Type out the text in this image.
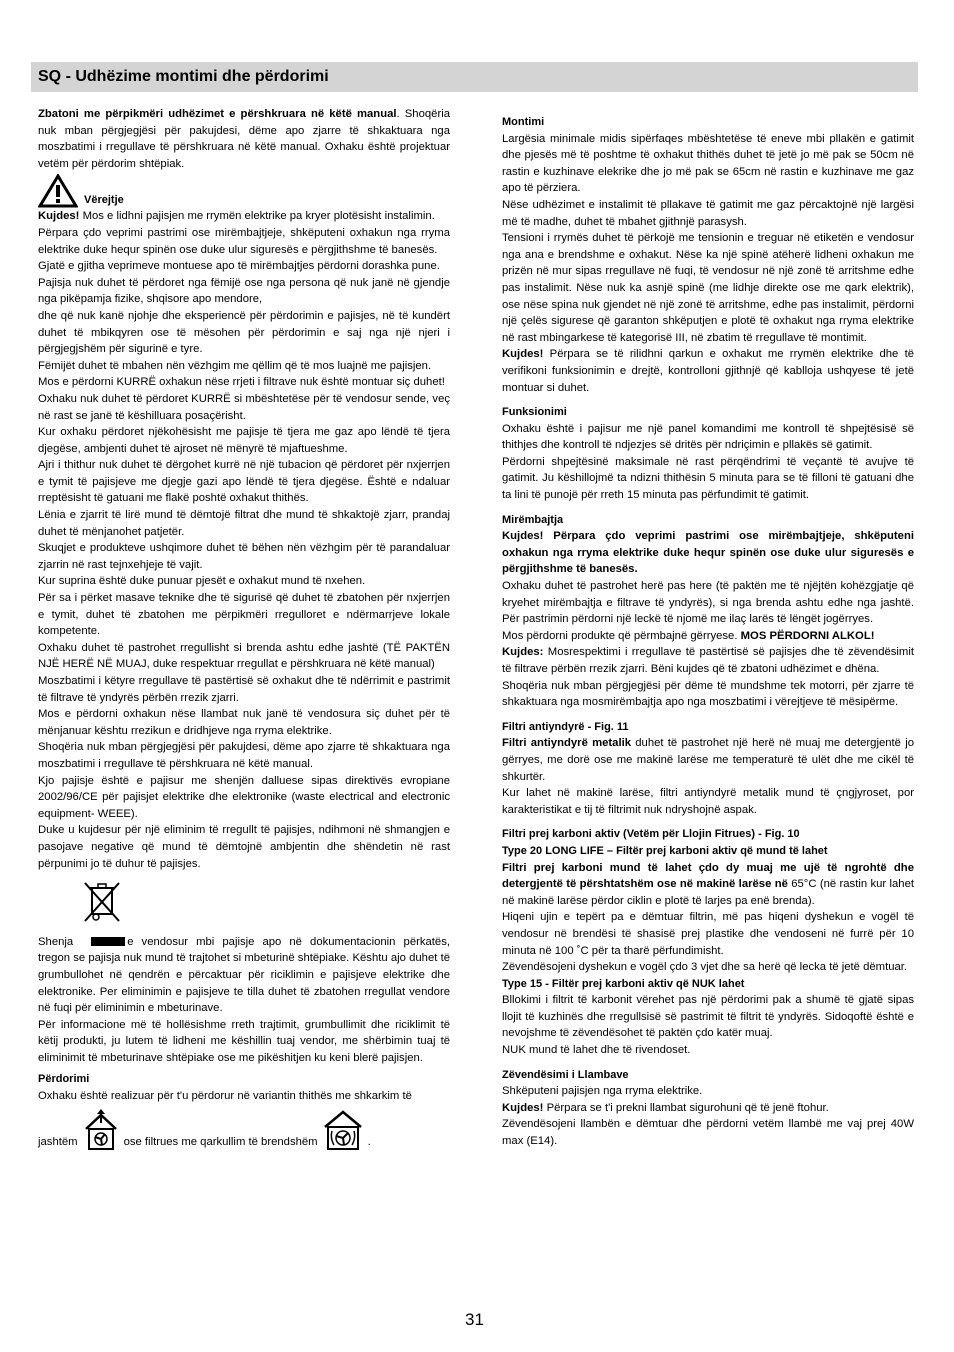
SQ - Udhëzime montimi dhe përdorimi

Zbatoni me përpikmëri udhëzimet e përshkruara në këtë manual. Shoqëria nuk mban përgjegjësi për pakujdesi, dëme apo zjarre të shkaktuara nga moszbatimi i rregullave të përshkruara në këtë manual. Oxhaku është projektuar vetëm për përdorim shtëpiak.

Vërejtje

Kujdes! Mos e lidhni pajisjen me rrymën elektrike pa kryer plotësisht instalimin.

Përpara çdo veprimi pastrimi ose mirëmbajtjeje, shkëputeni oxhakun nga rryma elektrike duke hequr spinën ose duke ulur siguresës e përgjithshme të banesës.

Gjatë e gjitha veprimeve montuese apo të mirëmbajtjes përdorni dorashka pune.

Pajisja nuk duhet të përdoret nga fëmijë ose nga persona që nuk janë në gjendje nga pikëpamja fizike, shqisore apo mendore,

dhe që nuk kanë njohje dhe eksperiencë për përdorimin e pajisjes, në të kundërt duhet të mbikqyren ose të mësohen për përdorimin e saj nga një njeri i përgjegjshëm për sigurinë e tyre.

Fëmijët duhet të mbahen nën vëzhgim me qëllim që të mos luajnë me pajisjen.

Mos e përdorni KURRË oxhakun nëse rrjeti i filtrave nuk është montuar siç duhet!

Oxhaku nuk duhet të përdoret KURRË si mbështetëse për të vendosur sende, veç në rast se janë të këshilluara posaçërisht.

Kur oxhaku përdoret njëkohësisht me pajisje të tjera me gaz apo lëndë të tjera djegëse, ambjenti duhet të ajroset në mënyrë të mjaftueshme.

Ajri i thithur nuk duhet të dërgohet kurrë në një tubacion që përdoret për nxjerrjen e tymit të pajisjeve me djegje gazi apo lëndë të tjera djegëse. Është e ndaluar rreptësisht të gatuani me flakë poshtë oxhakut thithës.

Lënia e zjarrit të lirë mund të dëmtojë filtrat dhe mund të shkaktojë zjarr, prandaj duhet të mënjanohet patjetër.

Skuqjet e produkteve ushqimore duhet të bëhen nën vëzhgim për të parandaluar zjarrin në rast tejnxehjeje të vajit.

Kur suprina është duke punuar pjesët e oxhakut mund të nxehen.

Për sa i përket masave teknike dhe të sigurisë që duhet të zbatohen për nxjerrjen e tymit, duhet të zbatohen me përpikmëri rregulloret e ndërmarrjeve lokale kompetente.

Oxhaku duhet të pastrohet rregullisht si brenda ashtu edhe jashtë (TË PAKTËN NJË HERË NË MUAJ, duke respektuar rregullat e përshkruara në këtë manual)

Moszbatimi i këtyre rregullave të pastërtisë së oxhakut dhe të ndërrimit e pastrimit të filtrave të yndyrës përbën rrezik zjarri.

Mos e përdorni oxhakun nëse llambat nuk janë të vendosura siç duhet për të mënjanuar kështu rrezikun e dridhjeve nga rryma elektrike.

Shoqëria nuk mban përgjegjësi për pakujdesi, dëme apo zjarre të shkaktuara nga moszbatimi i rregullave të përshkruara në këtë manual.

Kjo pajisje është e pajisur me shenjën dalluese sipas direktivës evropiane 2002/96/CE për pajisjet elektrike dhe elektronike (waste electrical and electronic equipment- WEEE).

Duke u kujdesur për një eliminim të rregullt të pajisjes, ndihmoni në shmangjen e pasojave negative që mund të dëmtojnë ambjentin dhe shëndetin në rast përpunimi jo të duhur të pajisjes.

Shenja	e vendosur mbi pajisje apo në dokumentacionin përkatës, tregon se pajisja nuk mund të trajtohet si mbeturinë shtëpiake. Kështu ajo duhet të grumbullohet në qendrën e përcaktuar për riciklimin e pajisjeve elektrike dhe elektronike. Per eliminimin e pajisjeve te tilla duhet të zbatohen rregullat vendore në fuqi për eliminimin e mbeturinave.

Për informacione më të hollësishme rreth trajtimit, grumbullimit dhe riciklimit të këtij produkti, ju lutem të lidheni me këshillin tuaj vendor, me shërbimin tuaj të eliminimit të mbeturinave shtëpiake ose me pikëshitjen ku keni blerë pajisjen.

Përdorimi

Oxhaku është realizuar për t'u përdorur në variantin thithës me shkarkim të

jashtëm	ose filtrues me qarkullim të brendshëm	.

Montimi

Largësia minimale midis sipërfaqes mbështetëse të eneve mbi pllakën e gatimit dhe pjesës më të poshtme të oxhakut thithës duhet të jetë jo më pak se 50cm në rastin e kuzhinave elekrike dhe jo më pak se 65cm në rastin e kuzhinave me gaz apo të përziera.

Nëse udhëzimet e instalimit të pllakave të gatimit me gaz përcaktojnë një largësi më të madhe, duhet të mbahet gjithnjë parasysh.

Tensioni i rrymës duhet të përkojë me tensionin e treguar në etiketën e vendosur nga ana e brendshme e oxhakut. Nëse ka një spinë atëherë lidheni oxhakun me prizën në mur sipas rregullave në fuqi, të vendosur në një zonë të arritshme edhe pas instalimit. Nëse nuk ka asnjë spinë (me lidhje direkte ose me qark elektrik), ose nëse spina nuk gjendet në një zonë të arritshme, edhe pas instalimit, përdorni një çelës sigurese që garanton shkëputjen e plotë të oxhakut nga rryma elektrike në rast mbingarkese të kategorisë III, në zbatim të rregullave të montimit.

Kujdes! Përpara se të rilidhni qarkun e oxhakut me rrymën elektrike dhe të verifikoni funksionimin e drejtë, kontrolloni gjithnjë që kablloja ushqyese të jetë montuar si duhet.

Funksionimi

Oxhaku është i pajisur me një panel komandimi me kontroll të shpejtësisë së thithjes dhe kontroll të ndjezjes së dritës për ndriçimin e pllakës së gatimit.

Përdorni shpejtësinë maksimale në rast përqëndrimi të veçantë të avujve të gatimit. Ju këshillojmë ta ndizni thithësin 5 minuta para se të filloni të gatuani dhe ta lini të punojë për rreth 15 minuta pas përfundimit të gatimit.

Mirëmbajtja

Kujdes! Përpara çdo veprimi pastrimi ose mirëmbajtjeje, shkëputeni oxhakun nga rryma elektrike duke hequr spinën ose duke ulur siguresës e përgjithshme të banesës.

Oxhaku duhet të pastrohet herë pas here (të paktën me të njëjtën kohëzgjatje që kryehet mirëmbajtja e filtrave të yndyrës), si nga brenda ashtu edhe nga jashtë. Për pastrimin përdorni një leckë të njomë me ilaç larës të lëngët jogërryes.

Mos përdorni produkte që përmbajnë gërryese. MOS PËRDORNI ALKOL!

Kujdes: Mosrespektimi i rregullave të pastërtisë së pajisjes dhe të zëvendësimit të filtrave përbën rrezik zjarri. Bëni kujdes që të zbatoni udhëzimet e dhëna.

Shoqëria nuk mban përgjegjësi për dëme të mundshme tek motorri, për zjarre të shkaktuara nga mosmirëmbajtja apo nga moszbatimi i vërejtjeve të mësipërme.

Filtri antiyndyrë - Fig. 11

Filtri antiyndyrë metalik duhet të pastrohet një herë në muaj me detergjentë jo gërryes, me dorë ose me makinë larëse me temperaturë të ulët dhe me cikël të shkurtër.

Kur lahet në makinë larëse, filtri antiyndyrë metalik mund të çngjyroset, por karakteristikat e tij të filtrimit nuk ndryshojnë aspak.

Filtri prej karboni aktiv (Vetëm për Llojin Fitrues) - Fig. 10

Type 20 LONG LIFE – Filtër prej karboni aktiv që mund të lahet

Filtri prej karboni mund të lahet çdo dy muaj me ujë të ngrohtë dhe detergjentë të përshtatshëm ose në makinë larëse në 65°C (në rastin kur lahet në makinë larëse përdor ciklin e plotë të larjes pa enë brenda).

Hiqeni ujin e tepërt pa e dëmtuar filtrin, më pas hiqeni dyshekun e vogël të vendosur në brendësi të shasisë prej plastike dhe vendoseni në furrë për 10 minuta në 100 ˚C për ta tharë përfundimisht.

Zëvendësojeni dyshekun e vogël çdo 3 vjet dhe sa herë që lecka të jetë dëmtuar.

Type 15 - Filtër prej karboni aktiv që NUK lahet

Bllokimi i filtrit të karbonit vërehet pas një përdorimi pak a shumë të gjatë sipas llojit të kuzhinës dhe rregullsisë së pastrimit të filtrit të yndyrës. Sidoqoftë është e nevojshme të zëvendësohet të paktën çdo katër muaj.

NUK mund të lahet dhe të rivendoset.

Zëvendësimi i Llambave

Shkëputeni pajisjen nga rryma elektrike.

Kujdes! Përpara se t'i prekni llambat sigurohuni që të jenë ftohur.

Zëvendësojeni llambën e dëmtuar dhe përdorni vetëm llambë me vaj prej 40W max (E14).

31
